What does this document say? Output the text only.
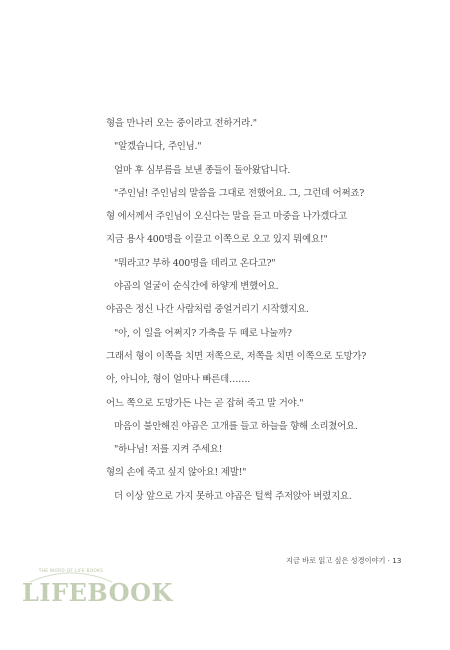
형을 만나러 오는 중이라고 전하거라."
"알겠습니다, 주인님."
얼마 후 심부름을 보낸 종들이 돌아왔답니다.
"주인님! 주인님의 말씀을 그대로 전했어요. 그, 그런데 어쩌죠?
형 에서께서 주인님이 오신다는 말을 듣고 마중을 나가겠다고
지금 용사 400명을 이끌고 이쪽으로 오고 있지 뭐예요!"
"뭐라고? 부하 400명을 데리고 온다고?"
야곱의 얼굴이 순식간에 하얗게 변했어요.
야곱은 정신 나간 사람처럼 중얼거리기 시작했지요.
"아, 이 일을 어쩌지? 가축을 두 떼로 나눌까?
그래서 형이 이쪽을 치면 저쪽으로, 저쪽을 치면 이쪽으로 도망가?
아, 아니야, 형이 얼마나 빠른데…….
어느 쪽으로 도망가든 나는 곧 잡혀 죽고 말 거야."
마음이 불안해진 야곱은 고개를 들고 하늘을 향해 소리쳤어요.
"하나님! 저를 지켜 주세요!
형의 손에 죽고 싶지 않아요! 제발!"
더 이상 앞으로 가지 못하고 야곱은 털썩 주저앉아 버렸지요.
지금 바로 읽고 싶은 성경이야기 · 13
THE WORD OF LIFE BOOKS
LIFEBOOK
